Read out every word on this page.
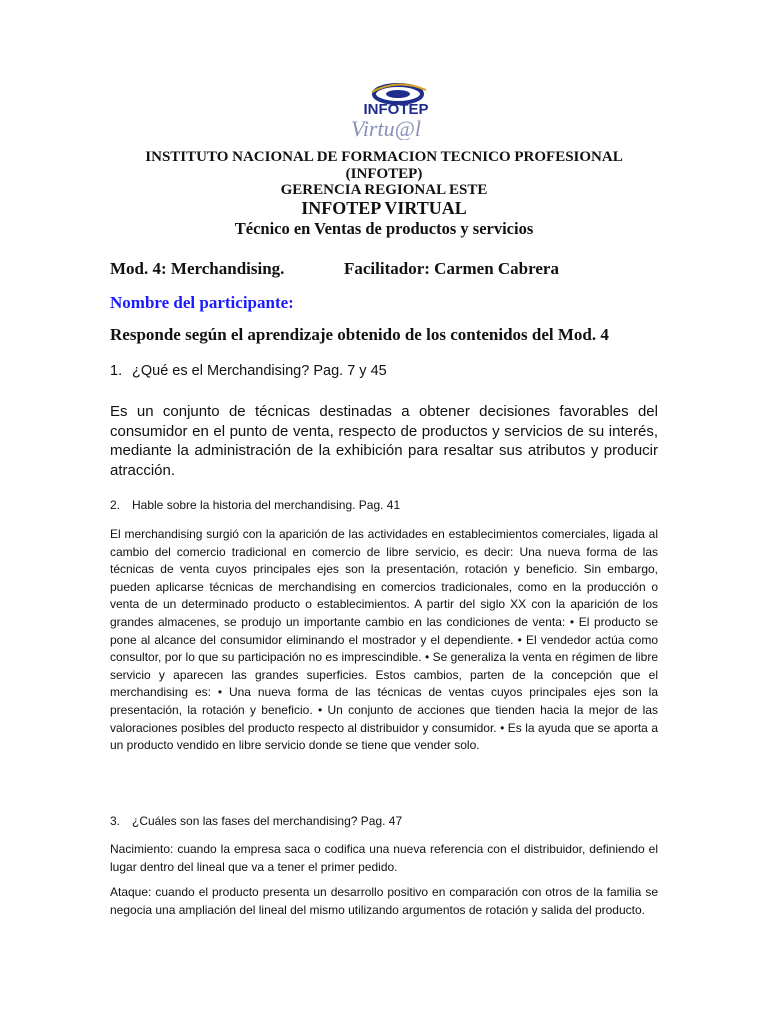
INFOTEP
Virtu@l
INSTITUTO NACIONAL DE FORMACION TECNICO PROFESIONAL
(INFOTEP)
GERENCIA REGIONAL ESTE
INFOTEP VIRTUAL
Técnico en Ventas de productos y servicios
Mod. 4: Merchandising.	Facilitador: Carmen Cabrera
Nombre del participante:
Responde según el aprendizaje obtenido de los contenidos del Mod. 4
1. ¿Qué es el Merchandising? Pag. 7 y 45

Es un conjunto de técnicas destinadas a obtener decisiones favorables del consumidor en el punto de venta, respecto de productos y servicios de su interés, mediante la administración de la exhibición para resaltar sus atributos y producir atracción.

2. Hable sobre la historia del merchandising. Pag. 41

El merchandising surgió con la aparición de las actividades en establecimientos comerciales, ligada al cambio del comercio tradicional en comercio de libre servicio, es decir: Una nueva forma de las técnicas de venta cuyos principales ejes son la presentación, rotación y beneficio. Sin embargo, pueden aplicarse técnicas de merchandising en comercios tradicionales, como en la producción o venta de un determinado producto o establecimientos. A partir del siglo XX con la aparición de los grandes almacenes, se produjo un importante cambio en las condiciones de venta: • El producto se pone al alcance del consumidor eliminando el mostrador y el dependiente. • El vendedor actúa como consultor, por lo que su participación no es imprescindible. • Se generaliza la venta en régimen de libre servicio y aparecen las grandes superficies. Estos cambios, parten de la concepción que el merchandising es: • Una nueva forma de las técnicas de ventas cuyos principales ejes son la presentación, la rotación y beneficio. • Un conjunto de acciones que tienden hacia la mejor de las valoraciones posibles del producto respecto al distribuidor y consumidor. • Es la ayuda que se aporta a un producto vendido en libre servicio donde se tiene que vender solo.

3. ¿Cuáles son las fases del merchandising? Pag. 47

Nacimiento: cuando la empresa saca o codifica una nueva referencia con el distribuidor, definiendo el lugar dentro del lineal que va a tener el primer pedido.

Ataque: cuando el producto presenta un desarrollo positivo en comparación con otros de la familia se negocia una ampliación del lineal del mismo utilizando argumentos de rotación y salida del producto.
